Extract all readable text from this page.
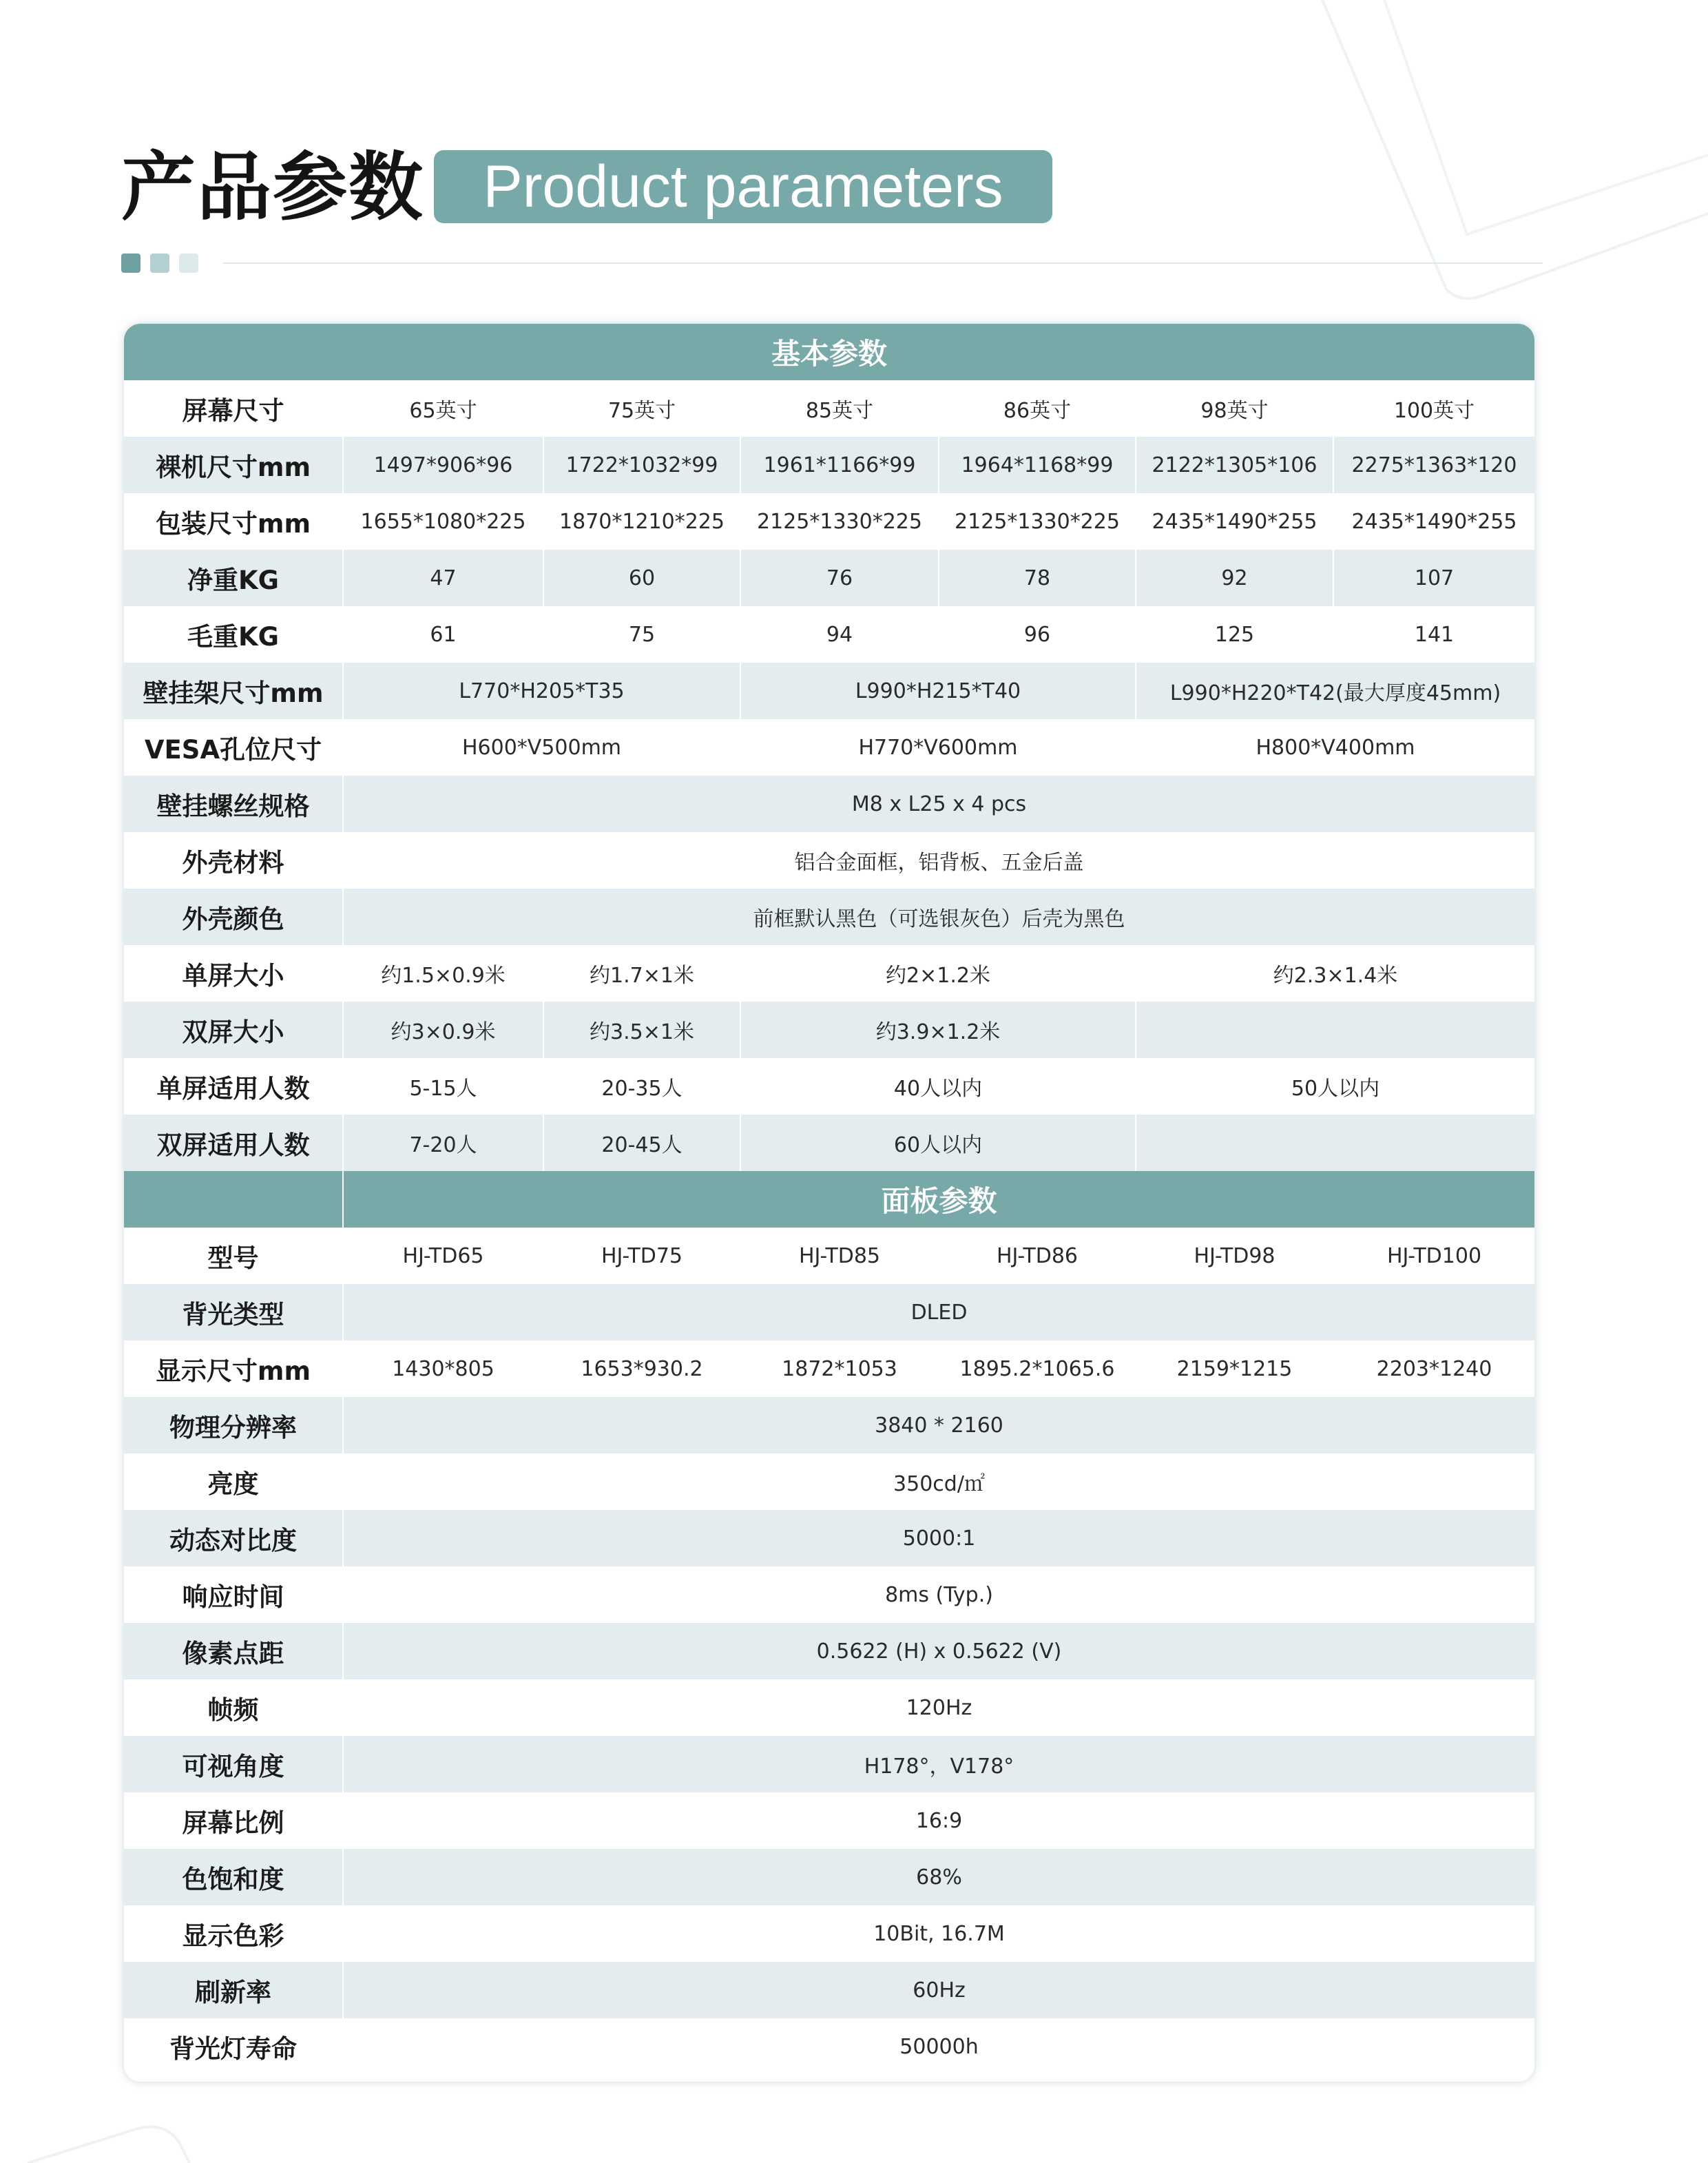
产品参数 Product parameters
基本参数						
屏幕尺寸	65英寸	75英寸	85英寸	86英寸	98英寸	100英寸
裸机尺寸mm	1497*906*96	1722*1032*99	1961*1166*99	1964*1168*99	2122*1305*106	2275*1363*120
包装尺寸mm	1655*1080*225	1870*1210*225	2125*1330*225	2125*1330*225	2435*1490*255	2435*1490*255
净重KG	47	60	76	78	92	107
毛重KG	61	75	94	96	125	141
壁挂架尺寸mm	L770*H205*T35		L990*H215*T40		L990*H220*T42(最大厚度45mm)	
VESA孔位尺寸	H600*V500mm		H770*V600mm		H800*V400mm	
壁挂螺丝规格	M8 x L25 x 4 pcs					
外壳材料	铝合金面框，铝背板、五金后盖					
外壳颜色	前框默认黑色（可选银灰色）后壳为黑色					
单屏大小	约1.5×0.9米	约1.7×1米	约2×1.2米		约2.3×1.4米	
双屏大小	约3×0.9米	约3.5×1米	约3.9×1.2米			
单屏适用人数	5-15人	20-35人	40人以内		50人以内	
双屏适用人数	7-20人	20-45人	60人以内			
	面板参数					
型号	HJ-TD65	HJ-TD75	HJ-TD85	HJ-TD86	HJ-TD98	HJ-TD100
背光类型	DLED					
显示尺寸mm	1430*805	1653*930.2	1872*1053	1895.2*1065.6	2159*1215	2203*1240
物理分辨率	3840 * 2160					
亮度	350cd/㎡					
动态对比度	5000:1					
响应时间	8ms (Typ.)					
像素点距	0.5622 (H) x 0.5622 (V)					
帧频	120Hz					
可视角度	H178°，V178°					
屏幕比例	16:9					
色饱和度	68%					
显示色彩	10Bit, 16.7M					
刷新率	60Hz					
背光灯寿命	50000h					
